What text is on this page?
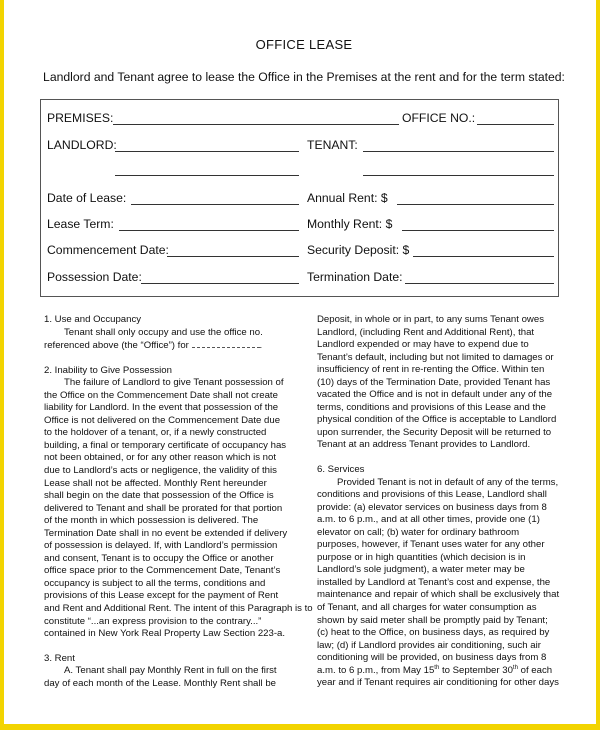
OFFICE LEASE
Landlord and Tenant agree to lease the Office in the Premises at the rent and for the term stated:
PREMISES:	OFFICE NO.:
LANDLORD:	TENANT:
Date of Lease:	Annual Rent: $
Lease Term:	Monthly Rent: $
Commencement Date:	Security Deposit: $
Possession Date:	Termination Date:

1. Use and Occupancy

Tenant shall only occupy and use the office no.

referenced above (the “Office”) for	.

2. Inability to Give Possession

The failure of Landlord to give Tenant possession of

the Office on the Commencement Date shall not create

liability for Landlord. In the event that possession of the

Office is not delivered on the Commencement Date due

to the holdover of a tenant, or, if a newly constructed

building, a final or temporary certificate of occupancy has

not been obtained, or for any other reason which is not

due to Landlord’s acts or negligence, the validity of this

Lease shall not be affected. Monthly Rent hereunder

shall begin on the date that possession of the Office is

delivered to Tenant and shall be prorated for that portion

of the month in which possession is delivered. The

Termination Date shall in no event be extended if delivery

of possession is delayed. If, with Landlord’s permission

and consent, Tenant is to occupy the Office or another

office space prior to the Commencement Date, Tenant’s

occupancy is subject to all the terms, conditions and

provisions of this Lease except for the payment of Rent

and Rent and Additional Rent. The intent of this Paragraph is to

constitute “...an express provision to the contrary...”

contained in New York Real Property Law Section 223-a.

3. Rent

A. Tenant shall pay Monthly Rent in full on the first

day of each month of the Lease. Monthly Rent shall be

Deposit, in whole or in part, to any sums Tenant owes

Landlord, (including Rent and Additional Rent), that

Landlord expended or may have to expend due to

Tenant’s default, including but not limited to damages or

insufficiency of rent in re-renting the Office. Within ten

(10) days of the Termination Date, provided Tenant has

vacated the Office and is not in default under any of the

terms, conditions and provisions of this Lease and the

physical condition of the Office is acceptable to Landlord

upon surrender, the Security Deposit will be returned to

Tenant at an address Tenant provides to Landlord.

6. Services

Provided Tenant is not in default of any of the terms,

conditions and provisions of this Lease, Landlord shall

provide: (a) elevator services on business days from 8

a.m. to 6 p.m., and at all other times, provide one (1)

elevator on call; (b) water for ordinary bathroom

purposes, however, if Tenant uses water for any other

purpose or in high quantities (which decision is in

Landlord’s sole judgment), a water meter may be

installed by Landlord at Tenant’s cost and expense, the

maintenance and repair of which shall be exclusively that

of Tenant, and all charges for water consumption as

shown by said meter shall be promptly paid by Tenant;

(c) heat to the Office, on business days, as required by

law; (d) if Landlord provides air conditioning, such air

conditioning will be provided, on business days from 8

a.m. to 6 p.m., from May 15th to September 30th of each

year and if Tenant requires air conditioning for other days
